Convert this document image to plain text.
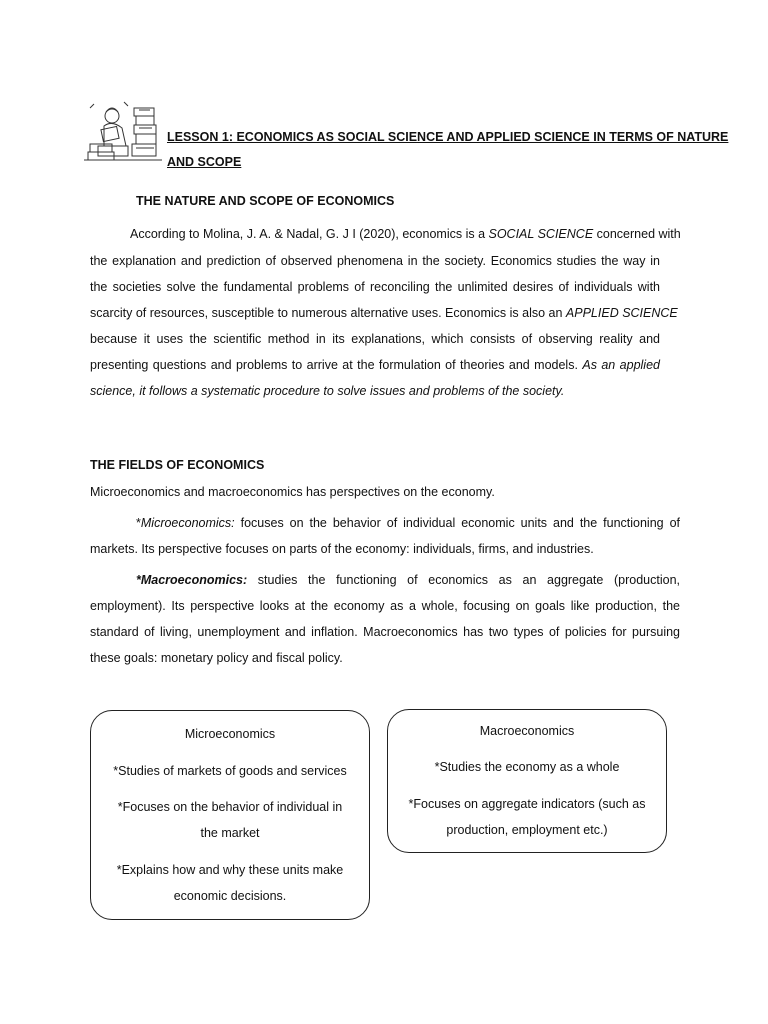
LESSON 1: ECONOMICS AS SOCIAL SCIENCE AND APPLIED SCIENCE IN TERMS OF NATURE
AND SCOPE
THE NATURE AND SCOPE OF ECONOMICS
According to Molina, J. A. & Nadal, G. J I (2020), economics is a SOCIAL SCIENCE concerned with
the explanation and prediction of observed phenomena in the society. Economics studies the way in
the societies solve the fundamental problems of reconciling the unlimited desires of individuals with
scarcity of resources, susceptible to numerous alternative uses. Economics is also an APPLIED SCIENCE
because it uses the scientific method in its explanations, which consists of observing reality and
presenting questions and problems to arrive at the formulation of theories and models. As an applied
science, it follows a systematic procedure to solve issues and problems of the society.
THE FIELDS OF ECONOMICS
Microeconomics and macroeconomics has perspectives on the economy.
*Microeconomics: focuses on the behavior of individual economic units and the functioning of
markets. Its perspective focuses on parts of the economy: individuals, firms, and industries.
*Macroeconomics: studies the functioning of economics as an aggregate (production,
employment). Its perspective looks at the economy as a whole, focusing on goals like production, the
standard of living, unemployment and inflation. Macroeconomics has two types of policies for pursuing
these goals: monetary policy and fiscal policy.
Microeconomics
*Studies of markets of goods and services
*Focuses on the behavior of individual in
the market
*Explains how and why these units make
economic decisions.
Macroeconomics
*Studies the economy as a whole
*Focuses on aggregate indicators (such as
production, employment etc.)
